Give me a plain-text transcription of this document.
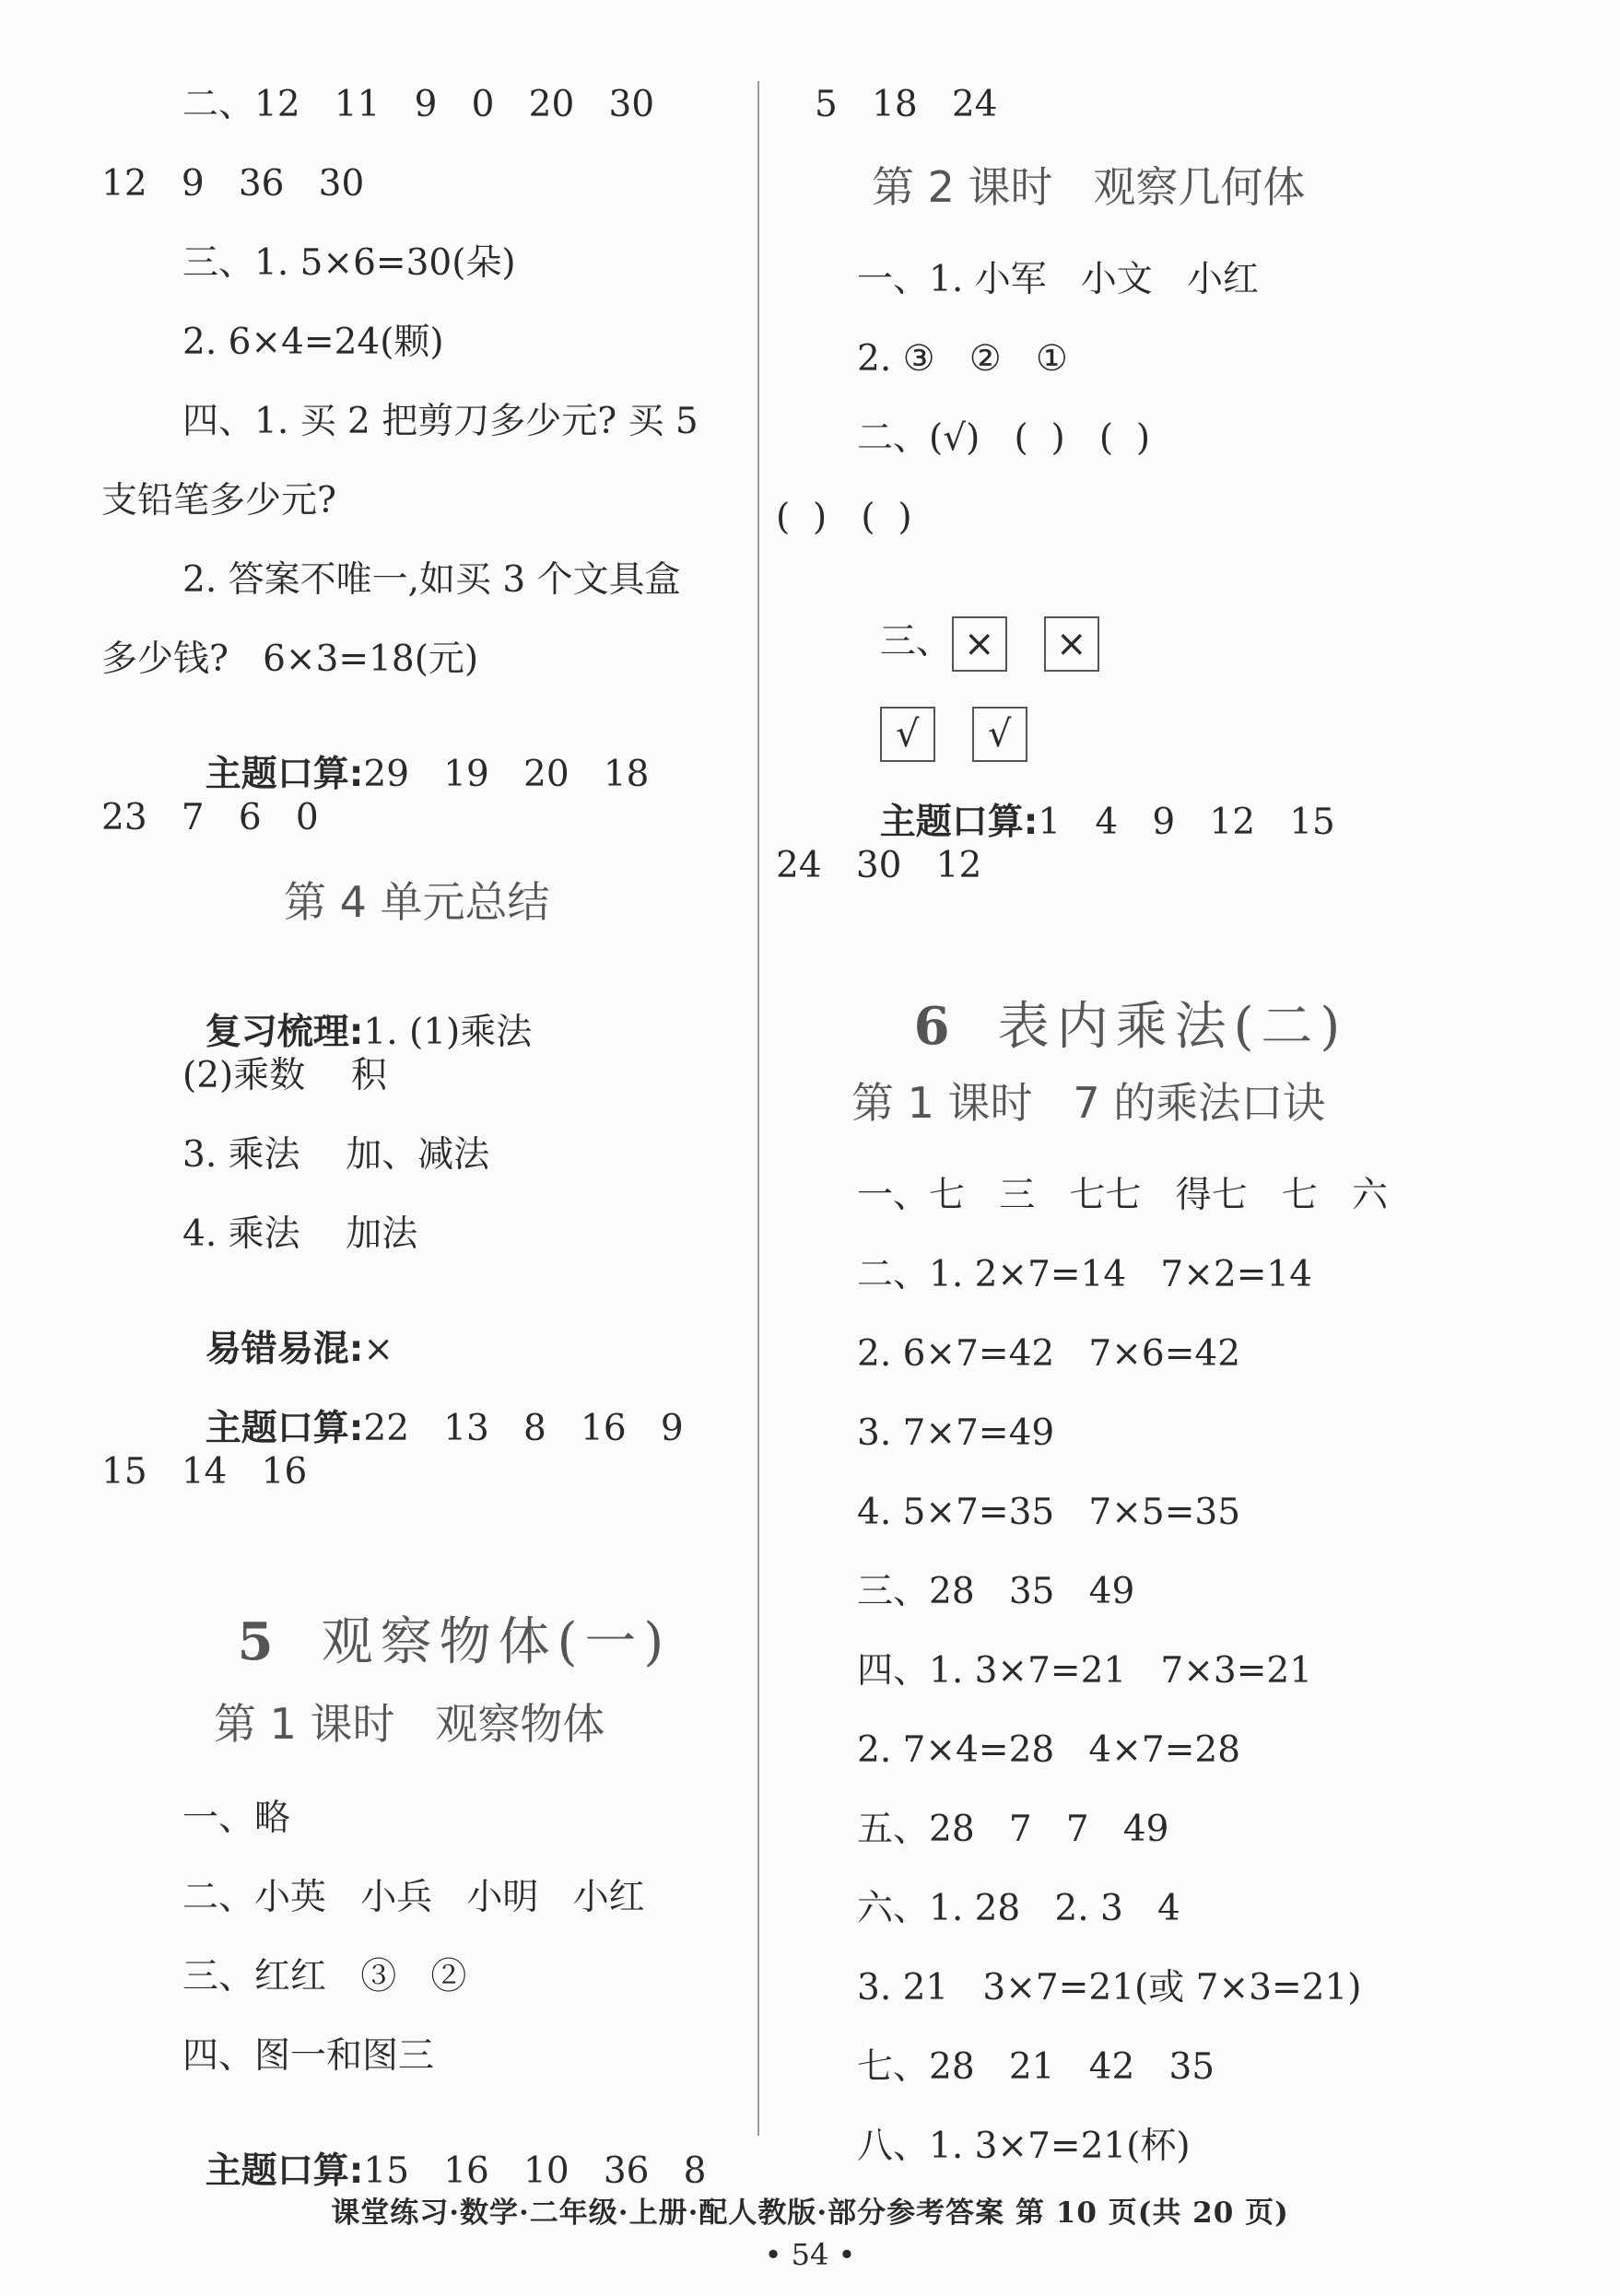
二、12   11   9   0   20   30
12   9   36   30
三、1. 5×6=30(朵)
2. 6×4=24(颗)
四、1. 买 2 把剪刀多少元? 买 5
支铅笔多少元?
2. 答案不唯一,如买 3 个文具盒
多少钱?   6×3=18(元)

主题口算:29   19   20   18

23   7   6   0
第 4 单元总结

复习梳理:1. (1)乘法

(2)乘数    积
3. 乘法    加、减法
4. 乘法    加法

易错易混:×

主题口算:22   13   8   16   9

15   14   16

5 观察物体(一)

第 1 课时   观察物体
一、略
二、小英   小兵   小明   小红
三、红红   ③   ②
四、图一和图三

主题口算:15   16   10   36   8

5   18   24
第 2 课时   观察几何体
一、1. 小军   小文   小红
2. ③   ②   ①
二、(√)   (  )   (  )
(  )   (  )

三、 × ×

√ √

主题口算:1   4   9   12   15

24   30   12

6 表内乘法(二)

第 1 课时   7 的乘法口诀
一、七   三   七七   得七   七   六
二、1. 2×7=14   7×2=14
2. 6×7=42   7×6=42
3. 7×7=49
4. 5×7=35   7×5=35
三、28   35   49
四、1. 3×7=21   7×3=21
2. 7×4=28   4×7=28
五、28   7   7   49
六、1. 28   2. 3   4
3. 21   3×7=21(或 7×3=21)
七、28   21   42   35
八、1. 3×7=21(杯)
课堂练习·数学·二年级·上册·配人教版·部分参考答案 第 10 页(共 20 页)
• 54 •
